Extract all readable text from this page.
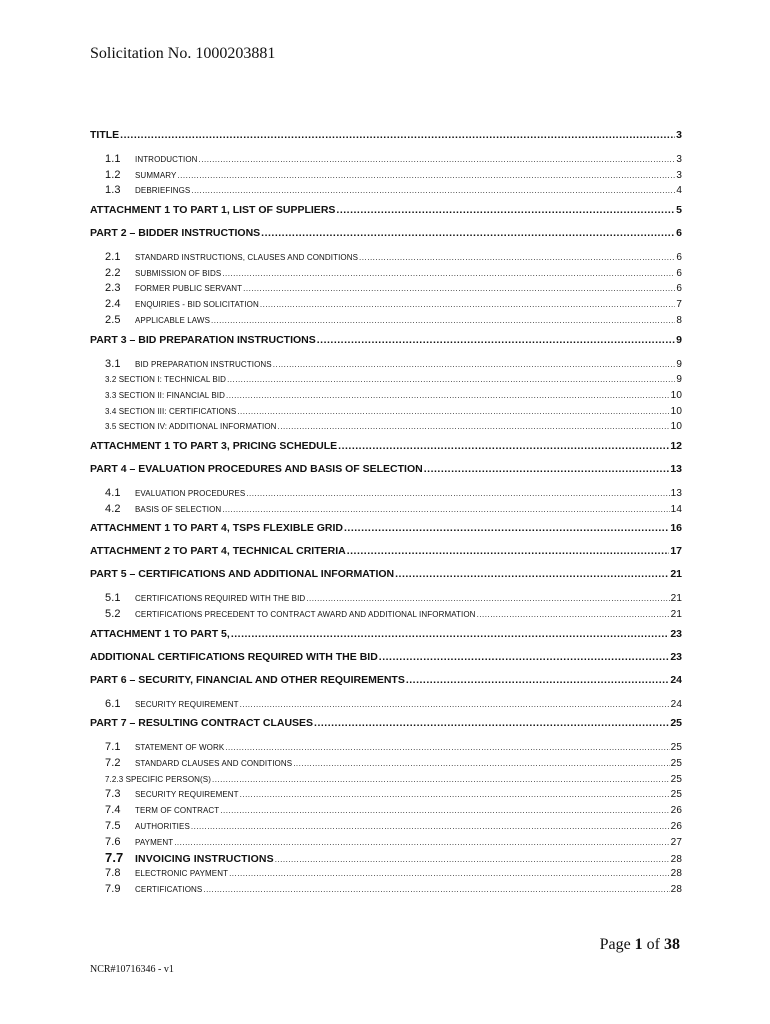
Solicitation No. 1000203881
TITLE .....	3
1.1	INTRODUCTION .....	3
1.2	SUMMARY .....	3
1.3	DEBRIEFINGS .....	4
ATTACHMENT 1 TO PART 1, LIST OF SUPPLIERS .....	5
PART 2 – BIDDER INSTRUCTIONS .....	6
2.1	STANDARD INSTRUCTIONS, CLAUSES AND CONDITIONS .....	6
2.2	SUBMISSION OF BIDS .....	6
2.3	FORMER PUBLIC SERVANT .....	6
2.4	ENQUIRIES - BID SOLICITATION .....	7
2.5	APPLICABLE LAWS .....	8
PART 3 – BID PREPARATION INSTRUCTIONS .....	9
3.1	BID PREPARATION INSTRUCTIONS .....	9
3.2 SECTION I: TECHNICAL BID .....	9
3.3 SECTION II: FINANCIAL BID .....	10
3.4 SECTION III: CERTIFICATIONS .....	10
3.5 SECTION IV: ADDITIONAL INFORMATION .....	10
ATTACHMENT 1 TO PART 3, PRICING SCHEDULE .....	12
PART 4 – EVALUATION PROCEDURES AND BASIS OF SELECTION .....	13
4.1	EVALUATION PROCEDURES .....	13
4.2	BASIS OF SELECTION .....	14
ATTACHMENT 1 TO PART 4, TSPS FLEXIBLE GRID .....	16
ATTACHMENT 2 TO PART 4, TECHNICAL CRITERIA .....	17
PART 5 – CERTIFICATIONS AND ADDITIONAL INFORMATION .....	21
5.1	CERTIFICATIONS REQUIRED WITH THE BID .....	21
5.2	CERTIFICATIONS PRECEDENT TO CONTRACT AWARD AND ADDITIONAL INFORMATION .....	21
ATTACHMENT 1 TO PART 5, .....	23
ADDITIONAL CERTIFICATIONS REQUIRED WITH THE BID .....	23
PART 6 – SECURITY, FINANCIAL AND OTHER REQUIREMENTS .....	24
6.1	SECURITY REQUIREMENT .....	24
PART 7 – RESULTING CONTRACT CLAUSES .....	25
7.1	STATEMENT OF WORK .....	25
7.2	STANDARD CLAUSES AND CONDITIONS .....	25
7.2.3 SPECIFIC PERSON(S) .....	25
7.3	SECURITY REQUIREMENT .....	25
7.4	TERM OF CONTRACT .....	26
7.5	AUTHORITIES .....	26
7.6	PAYMENT .....	27
7.7	INVOICING INSTRUCTIONS .....	28
7.8	ELECTRONIC PAYMENT .....	28
7.9	CERTIFICATIONS .....	28
Page 1 of 38
NCR#10716346 - v1
